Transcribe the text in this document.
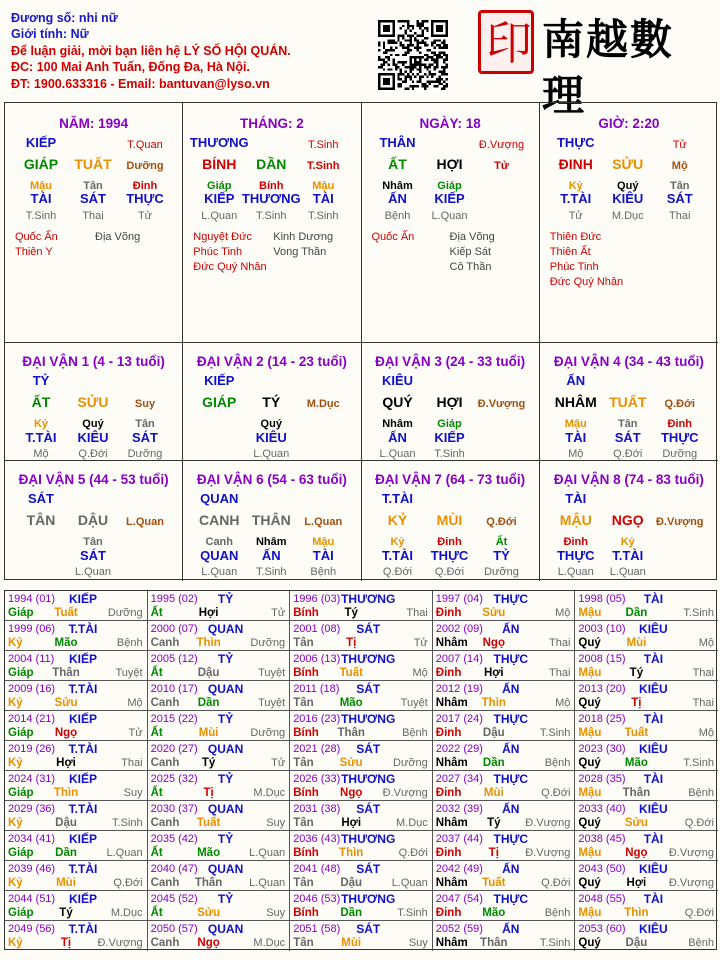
Đương số: nhi nữ
Giới tính: Nữ
Để luận giải, mời bạn liên hệ LÝ SỐ HỘI QUÁN.
ĐC: 100 Mai Anh Tuấn, Đống Đa, Hà Nội.
ĐT: 1900.633316 - Email: bantuvan@lyso.vn
印 南越數理
NĂM: 1994
KIẾP	T.Quan
GIÁP TUẤT Dưỡng
Mậu	Tân	Đinh
TÀI SÁT THỰC
T.Sinh Thai	Tử
Quốc Ấn	Địa Võng
Thiên Y
THÁNG: 2
THƯƠNG	T.Sinh
BÍNH DẦN T.Sinh
Giáp	Bính	Mậu
KIẾP THƯƠNG TÀI
L.Quan T.Sinh T.Sinh
Nguyệt Đức Kinh Dương
Phúc Tinh	Vong Thần
Đức Quý Nhân
NGÀY: 18
THÂN	Đ.Vượng
ẤT HỢI	Tử
Nhâm Giáp
ẤN KIẾP
Bệnh L.Quan
Quốc Ấn	Địa Võng
Kiếp Sát
Cô Thần
GIỜ: 2:20
THỰC	Tử
ĐINH SỬU	Mộ
Kỷ	Quý	Tân
T.TÀI KIÊU SÁT
Tử	M.Dục Thai
Thiên Đức
Thiên Ất
Phúc Tinh
Đức Quý Nhân
ĐẠI VẬN 1 (4 - 13 tuổi)
TỶ
ẤT SỬU Suy
Kỷ	Quý	Tân
T.TÀI KIÊU SÁT
Mộ	Q.Đới Dưỡng
ĐẠI VẬN 2 (14 - 23 tuổi)
KIẾP
GIÁP TÝ M.Dục
Quý
KIÊU
L.Quan
ĐẠI VẬN 3 (24 - 33 tuổi)
KIÊU
QUÝ HỢI Đ.Vượng
Nhâm Giáp
ẤN KIẾP
L.Quan T.Sinh
ĐẠI VẬN 4 (34 - 43 tuổi)
ẤN
NHÂM TUẤT Q.Đới
Mậu	Tân	Đinh
TÀI SÁT THỰC
Mộ	Q.Đới Dưỡng
ĐẠI VẬN 5 (44 - 53 tuổi)
SÁT
TÂN DẬU L.Quan
Tân
SÁT
L.Quan
ĐẠI VẬN 6 (54 - 63 tuổi)
QUAN
CANH THÂN L.Quan
Canh Nhâm Mậu
QUAN ẤN TÀI
L.Quan T.Sinh Bệnh
ĐẠI VẬN 7 (64 - 73 tuổi)
T.TÀI
KỶ MÙI Q.Đới
Kỷ	Đinh	Ất
T.TÀI THỰC TỶ
Q.Đới Q.Đới Dưỡng
ĐẠI VẬN 8 (74 - 83 tuổi)
TÀI
MẬU NGỌ Đ.Vượng
Đinh	Kỷ
THỰC T.TÀI
L.Quan L.Quan
1994 (01) KIẾP
Giáp Tuất	Dưỡng
1995 (02) TỶ
Ất	Hợi	Tử
1996 (03) THƯƠNG
Bính Tý	Thai
1997 (04) THỰC
Đinh Sửu	Mộ
1998 (05) TÀI
Mậu Dần	T.Sinh
1999 (06) T.TÀI
Kỷ	Mão	Bệnh
2000 (07) QUAN
Canh Thìn	Dưỡng
2001 (08) SÁT
Tân	Tị	Tử
2002 (09) ẤN
Nhâm Ngọ	Thai
2003 (10) KIÊU
Quý Mùi	Mộ
2004 (11) KIẾP
Giáp Thân	Tuyệt
2005 (12) TỶ
Ất	Dậu	Tuyệt
2006 (13) THƯƠNG
Bính Tuất	Mộ
2007 (14) THỰC
Đinh Hợi	Thai
2008 (15) TÀI
Mậu Tý	Thai
2009 (16) T.TÀI
Kỷ	Sửu	Mộ
2010 (17) QUAN
Canh Dần	Tuyệt
2011 (18) SÁT
Tân Mão	Tuyệt
2012 (19) ẤN
Nhâm Thìn	Mộ
2013 (20) KIÊU
Quý	Tị	Thai
2014 (21) KIẾP
Giáp Ngọ	Tử
2015 (22) TỶ
Ất	Mùi	Dưỡng
2016 (23) THƯƠNG
Bính Thân	Bệnh
2017 (24) THỰC
Đinh Dậu	T.Sinh
2018 (25) TÀI
Mậu Tuất	Mộ
2019 (26) T.TÀI
Kỷ	Hợi	Thai
2020 (27) QUAN
Canh Tý	Tử
2021 (28) SÁT
Tân Sửu	Dưỡng
2022 (29) ẤN
Nhâm Dần	Bệnh
2023 (30) KIÊU
Quý Mão	T.Sinh
2024 (31) KIẾP
Giáp Thìn	Suy
2025 (32) TỶ
Ất	Tị	M.Dục
2026 (33) THƯƠNG
Bính Ngọ Đ.Vượng
2027 (34) THỰC
Đinh Mùi	Q.Đới
2028 (35) TÀI
Mậu Thân	Bệnh
2029 (36) T.TÀI
Kỷ	Dậu	T.Sinh
2030 (37) QUAN
Canh Tuất	Suy
2031 (38) SÁT
Tân Hợi	M.Dục
2032 (39) ẤN
Nhâm Tý Đ.Vượng
2033 (40) KIÊU
Quý Sửu	Q.Đới
2034 (41) KIẾP
Giáp Dần	L.Quan
2035 (42) TỶ
Ất	Mão	L.Quan
2036 (43) THƯƠNG
Bính Thìn	Q.Đới
2037 (44) THỰC
Đinh Tị Đ.Vượng
2038 (45) TÀI
Mậu Ngọ Đ.Vượng
2039 (46) T.TÀI
Kỷ	Mùi	Q.Đới
2040 (47) QUAN
Canh Thân L.Quan
2041 (48) SÁT
Tân Dậu	L.Quan
2042 (49) ẤN
Nhâm Tuất	Q.Đới
2043 (50) KIÊU
Quý Hợi Đ.Vượng
2044 (51) KIẾP
Giáp Tý	M.Dục
2045 (52) TỶ
Ất	Sửu	Suy
2046 (53) THƯƠNG
Bính Dần	T.Sinh
2047 (54) THỰC
Đinh Mão	Bệnh
2048 (55) TÀI
Mậu Thìn	Q.Đới
2049 (56) T.TÀI
Kỷ	Tị Đ.Vượng
2050 (57) QUAN
Canh Ngọ	M.Dục
2051 (58) SÁT
Tân Mùi	Suy
2052 (59) ẤN
Nhâm Thân	T.Sinh
2053 (60) KIÊU
Quý Dậu	Bệnh
